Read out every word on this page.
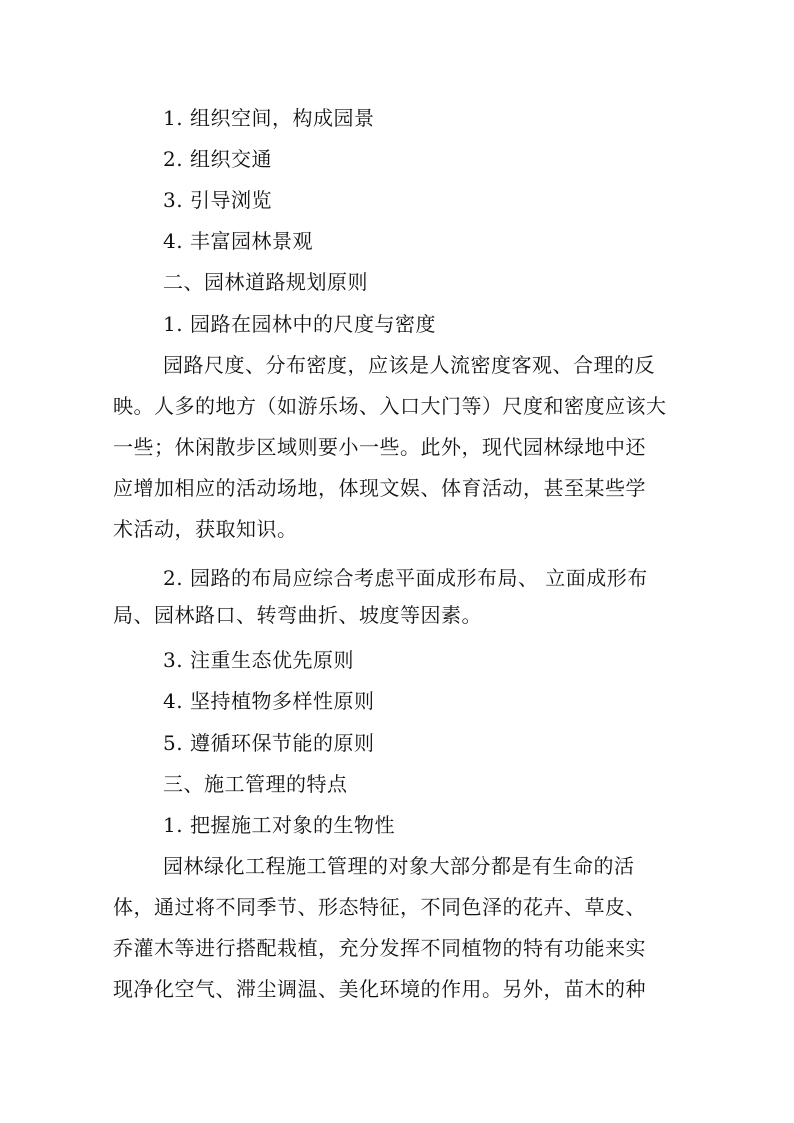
1. 组织空间，构成园景
2. 组织交通
3. 引导浏览
4. 丰富园林景观
二、园林道路规划原则
1. 园路在园林中的尺度与密度
园路尺度、分布密度，应该是人流密度客观、合理的反
映。人多的地方（如游乐场、入口大门等）尺度和密度应该大
一些；休闲散步区域则要小一些。此外，现代园林绿地中还
应增加相应的活动场地，体现文娱、体育活动，甚至某些学
术活动，获取知识。
2. 园路的布局应综合考虑平面成形布局、 立面成形布
局、园林路口、转弯曲折、坡度等因素。
3. 注重生态优先原则
4. 坚持植物多样性原则
5. 遵循环保节能的原则
三、施工管理的特点
1. 把握施工对象的生物性
园林绿化工程施工管理的对象大部分都是有生命的活
体，通过将不同季节、形态特征，不同色泽的花卉、草皮、
乔灌木等进行搭配栽植，充分发挥不同植物的特有功能来实
现净化空气、滞尘调温、美化环境的作用。另外，苗木的种
